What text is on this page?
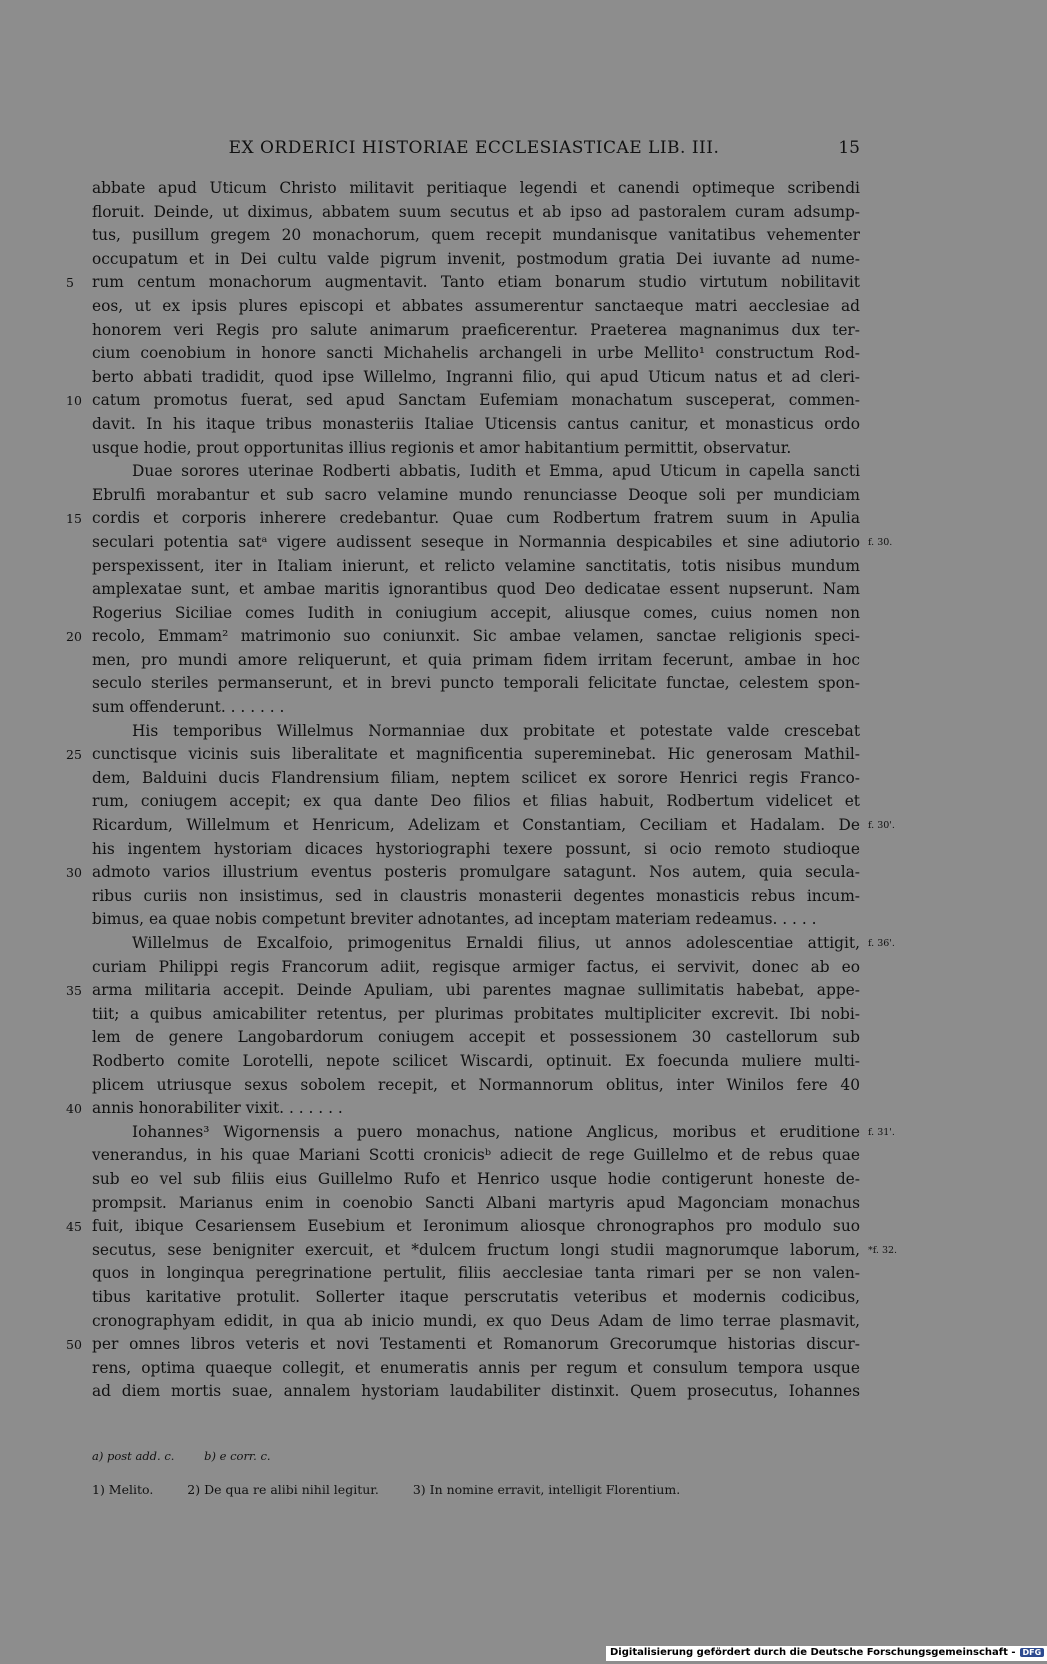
EX ORDERICI HISTORIAE ECCLESIASTICAE LIB. III.	15
abbate apud Uticum Christo militavit peritiaque legendi et canendi optimeque scribendi
floruit. Deinde, ut diximus, abbatem suum secutus et ab ipso ad pastoralem curam adsump-
tus, pusillum gregem 20 monachorum, quem recepit mundanisque vanitatibus vehementer
occupatum et in Dei cultu valde pigrum invenit, postmodum gratia Dei iuvante ad nume-
rum centum monachorum augmentavit. Tanto etiam bonarum studio virtutum nobilitavit
5
eos, ut ex ipsis plures episcopi et abbates assumerentur sanctaeque matri aecclesiae ad
honorem veri Regis pro salute animarum praeficerentur. Praeterea magnanimus dux ter-
cium coenobium in honore sancti Michahelis archangeli in urbe Mellito¹ constructum Rod-
berto abbati tradidit, quod ipse Willelmo, Ingranni filio, qui apud Uticum natus et ad cleri-
catum promotus fuerat, sed apud Sanctam Eufemiam monachatum susceperat, commen-
10
davit. In his itaque tribus monasteriis Italiae Uticensis cantus canitur, et monasticus ordo
usque hodie, prout opportunitas illius regionis et amor habitantium permittit, observatur.
Duae sorores uterinae Rodberti abbatis, Iudith et Emma, apud Uticum in capella sancti
Ebrulfi morabantur et sub sacro velamine mundo renunciasse Deoque soli per mundiciam
cordis et corporis inherere credebantur. Quae cum Rodbertum fratrem suum in Apulia
15
seculari potentia satᵃ vigere audissent seseque in Normannia despicabiles et sine adiutorio f. 30.
perspexissent, iter in Italiam inierunt, et relicto velamine sanctitatis, totis nisibus mundum
amplexatae sunt, et ambae maritis ignorantibus quod Deo dedicatae essent nupserunt. Nam
Rogerius Siciliae comes Iudith in coniugium accepit, aliusque comes, cuius nomen non
recolo, Emmam² matrimonio suo coniunxit. Sic ambae velamen, sanctae religionis speci-
20
men, pro mundi amore reliquerunt, et quia primam fidem irritam fecerunt, ambae in hoc
seculo steriles permanserunt, et in brevi puncto temporali felicitate functae, celestem spon-
sum offenderunt. . . . . . .
His temporibus Willelmus Normanniae dux probitate et potestate valde crescebat
cunctisque vicinis suis liberalitate et magnificentia supereminebat. Hic generosam Mathil-
25
dem, Balduini ducis Flandrensium filiam, neptem scilicet ex sorore Henrici regis Franco-
rum, coniugem accepit; ex qua dante Deo filios et filias habuit, Rodbertum videlicet et
Ricardum, Willelmum et Henricum, Adelizam et Constantiam, Ceciliam et Hadalam. De f. 30'.
his ingentem hystoriam dicaces hystoriographi texere possunt, si ocio remoto studioque
admoto varios illustrium eventus posteris promulgare satagunt. Nos autem, quia secula-
30
ribus curiis non insistimus, sed in claustris monasterii degentes monasticis rebus incum-
bimus, ea quae nobis competunt breviter adnotantes, ad inceptam materiam redeamus. . . . .
Willelmus de Excalfoio, primogenitus Ernaldi filius, ut annos adolescentiae attigit, f. 36'.
curiam Philippi regis Francorum adiit, regisque armiger factus, ei servivit, donec ab eo
arma militaria accepit. Deinde Apuliam, ubi parentes magnae sullimitatis habebat, appe-
35
tiit; a quibus amicabiliter retentus, per plurimas probitates multipliciter excrevit. Ibi nobi-
lem de genere Langobardorum coniugem accepit et possessionem 30 castellorum sub
Rodberto comite Lorotelli, nepote scilicet Wiscardi, optinuit. Ex foecunda muliere multi-
plicem utriusque sexus sobolem recepit, et Normannorum oblitus, inter Winilos fere 40
annis honorabiliter vixit. . . . . . .
40
Iohannes³ Wigornensis a puero monachus, natione Anglicus, moribus et eruditione f. 31'.
venerandus, in his quae Mariani Scotti cronicisᵇ adiecit de rege Guillelmo et de rebus quae
sub eo vel sub filiis eius Guillelmo Rufo et Henrico usque hodie contigerunt honeste de-
prompsit. Marianus enim in coenobio Sancti Albani martyris apud Magonciam monachus
fuit, ibique Cesariensem Eusebium et Ieronimum aliosque chronographos pro modulo suo
45
secutus, sese benigniter exercuit, et *dulcem fructum longi studii magnorumque laborum, *f. 32.
quos in longinqua peregrinatione pertulit, filiis aecclesiae tanta rimari per se non valen-
tibus karitative protulit. Sollerter itaque perscrutatis veteribus et modernis codicibus,
cronographyam edidit, in qua ab inicio mundi, ex quo Deus Adam de limo terrae plasmavit,
per omnes libros veteris et novi Testamenti et Romanorum Grecorumque historias discur-
50
rens, optima quaeque collegit, et enumeratis annis per regum et consulum tempora usque
ad diem mortis suae, annalem hystoriam laudabiliter distinxit. Quem prosecutus, Iohannes
a) post add. c.	b) e corr. c.
1) Melito.	2) De qua re alibi nihil legitur.	3) In nomine erravit, intelligit Florentium.
Digitalisierung gefördert durch die Deutsche Forschungsgemeinschaft - DFG
